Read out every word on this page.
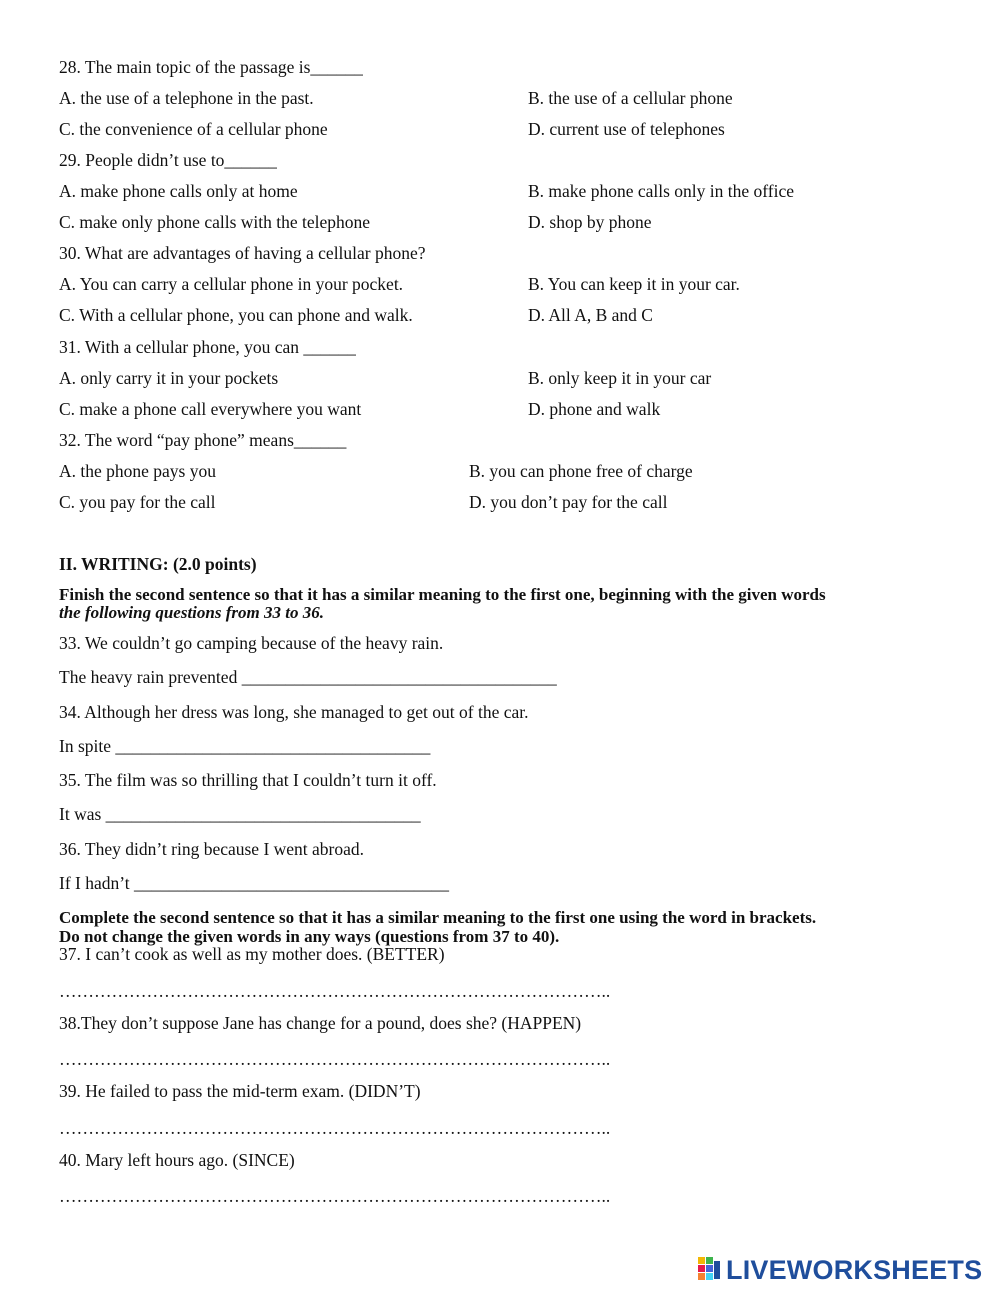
28. The main topic of the passage is______
A. the use of a telephone in the past.	B. the use of a cellular phone
C. the convenience of a cellular phone	D. current use of telephones
29. People didn’t use to______
A. make phone calls only at home	B. make phone calls only in the office
C. make only phone calls with the telephone	D. shop by phone
30. What are advantages of having a cellular phone?
A. You can carry a cellular phone in your pocket.	B. You can keep it in your car.
C. With a cellular phone, you can phone and walk.	D. All A, B and C
31. With a cellular phone, you can ______
A. only carry it in your pockets	B. only keep it in your car
C. make a phone call everywhere you want	D. phone and walk
32. The word “pay phone” means______
A. the phone pays you	B. you can phone free of charge
C. you pay for the call	D. you don’t pay for the call
II. WRITING: (2.0 points)
Finish the second sentence so that it has a similar meaning to the first one, beginning with the given words
the following questions from 33 to 36.
33. We couldn’t go camping because of the heavy rain.
The heavy rain prevented ____________________________________
34. Although her dress was long, she managed to get out of the car.
In spite ____________________________________
35. The film was so thrilling that I couldn’t turn it off.
It was ____________________________________
36. They didn’t ring because I went abroad.
If I hadn’t ____________________________________
Complete the second sentence so that it has a similar meaning to the first one using the word in brackets.
Do not change the given words in any ways (questions from 37 to 40).
37. I can’t cook as well as my mother does. (BETTER)
…………………………………………………………………………………..
38.They don’t suppose Jane has change for a pound, does she? (HAPPEN)
…………………………………………………………………………………..
39. He failed to pass the mid-term exam. (DIDN’T)
…………………………………………………………………………………..
40. Mary left hours ago. (SINCE)
…………………………………………………………………………………..
LIVEWORKSHEETS
